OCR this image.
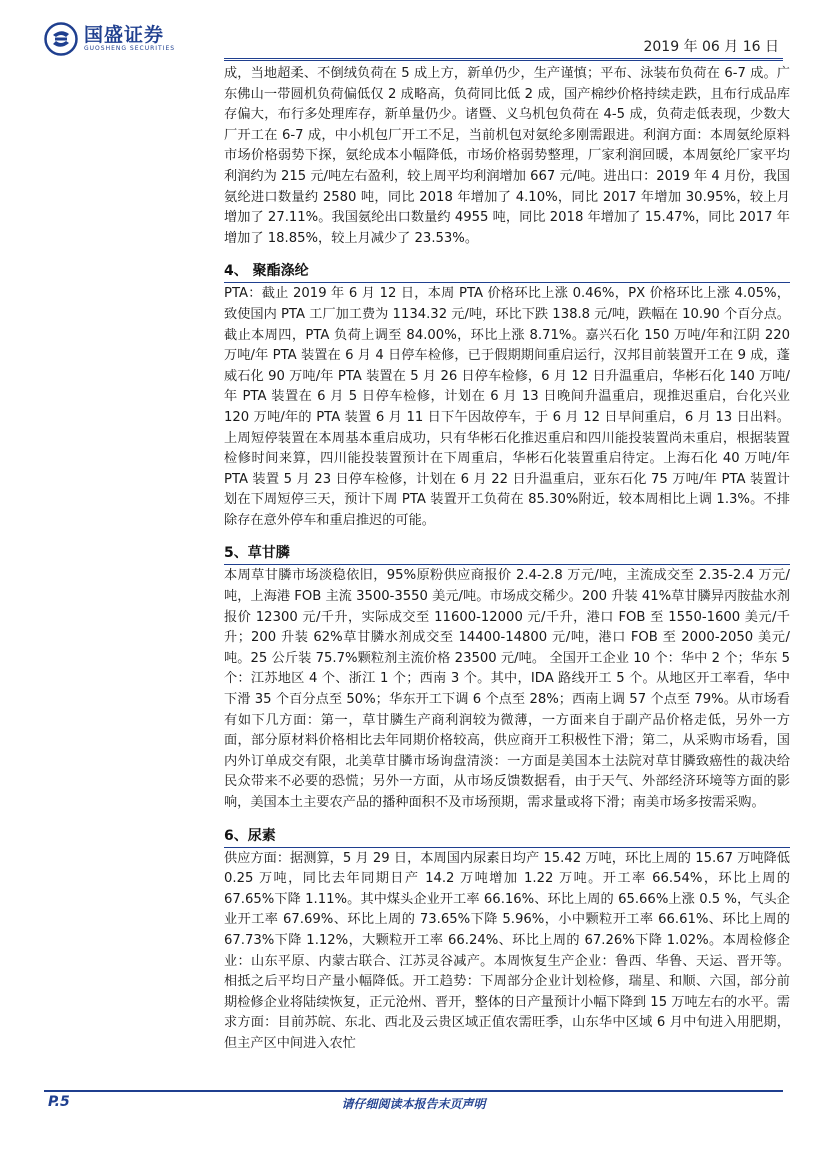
国盛证券
GUOSHENG SECURITIES	2019 年 06 月 16 日

成，当地超柔、不倒绒负荷在 5 成上方，新单仍少，生产谨慎；平布、泳装布负荷在 6-7 成。广东佛山一带圆机负荷偏低仅 2 成略高，负荷同比低 2 成，国产棉纱价格持续走跌，且布行成品库存偏大，布行多处理库存，新单量仍少。诸暨、义乌机包负荷在 4-5 成，负荷走低表现，少数大厂开工在 6-7 成，中小机包厂开工不足，当前机包对氨纶多刚需跟进。利润方面：本周氨纶原料市场价格弱势下探，氨纶成本小幅降低，市场价格弱势整理，厂家利润回暖，本周氨纶厂家平均利润约为 215 元/吨左右盈利，较上周平均利润增加 667 元/吨。进出口：2019 年 4 月份，我国氨纶进口数量约 2580 吨，同比 2018 年增加了 4.10%，同比 2017 年增加 30.95%，较上月增加了 27.11%。我国氨纶出口数量约 4955 吨，同比 2018 年增加了 15.47%，同比 2017 年增加了 18.85%，较上月减少了 23.53%。

4、 聚酯涤纶

PTA：截止 2019 年 6 月 12 日，本周 PTA 价格环比上涨 0.46%，PX 价格环比上涨 4.05%，致使国内 PTA 工厂加工费为 1134.32 元/吨，环比下跌 138.8 元/吨，跌幅在 10.90 个百分点。截止本周四，PTA 负荷上调至 84.00%，环比上涨 8.71%。嘉兴石化 150 万吨/年和江阴 220 万吨/年 PTA 装置在 6 月 4 日停车检修，已于假期期间重启运行，汉邦目前装置开工在 9 成，蓬威石化 90 万吨/年 PTA 装置在 5 月 26 日停车检修，6 月 12 日升温重启，华彬石化 140 万吨/年 PTA 装置在 6 月 5 日停车检修，计划在 6 月 13 日晚间升温重启，现推迟重启，台化兴业 120 万吨/年的 PTA 装置 6 月 11 日下午因故停车，于 6 月 12 日早间重启，6 月 13 日出料。上周短停装置在本周基本重启成功，只有华彬石化推迟重启和四川能投装置尚未重启，根据装置检修时间来算，四川能投装置预计在下周重启，华彬石化装置重启待定。上海石化 40 万吨/年 PTA 装置 5 月 23 日停车检修，计划在 6 月 22 日升温重启，亚东石化 75 万吨/年 PTA 装置计划在下周短停三天，预计下周 PTA 装置开工负荷在 85.30%附近，较本周相比上调 1.3%。不排除存在意外停车和重启推迟的可能。

5、草甘膦

本周草甘膦市场淡稳依旧，95%原粉供应商报价 2.4-2.8 万元/吨，主流成交至 2.35-2.4 万元/吨，上海港 FOB 主流 3500-3550 美元/吨。市场成交稀少。200 升装 41%草甘膦异丙胺盐水剂报价 12300 元/千升，实际成交至 11600-12000 元/千升，港口 FOB 至 1550-1600 美元/千升；200 升装 62%草甘膦水剂成交至 14400-14800 元/吨，港口 FOB 至 2000-2050 美元/吨。25 公斤装 75.7%颗粒剂主流价格 23500 元/吨。 全国开工企业 10 个：华中 2 个；华东 5 个：江苏地区 4 个、浙江 1 个；西南 3 个。其中，IDA 路线开工 5 个。从地区开工率看，华中下滑 35 个百分点至 50%；华东开工下调 6 个点至 28%；西南上调 57 个点至 79%。从市场看有如下几方面：第一，草甘膦生产商利润较为微薄，一方面来自于副产品价格走低，另外一方面，部分原材料价格相比去年同期价格较高，供应商开工积极性下滑；第二，从采购市场看，国内外订单成交有限，北美草甘膦市场询盘清淡：一方面是美国本土法院对草甘膦致癌性的裁决给民众带来不必要的恐慌；另外一方面，从市场反馈数据看，由于天气、外部经济环境等方面的影响，美国本土主要农产品的播种面积不及市场预期，需求量或将下滑；南美市场多按需采购。

6、尿素

供应方面：据测算，5 月 29 日，本周国内尿素日均产 15.42 万吨，环比上周的 15.67 万吨降低 0.25 万吨，同比去年同期日产 14.2 万吨增加 1.22 万吨。开工率 66.54%，环比上周的 67.65%下降 1.11%。其中煤头企业开工率 66.16%、环比上周的 65.66%上涨 0.5 %，气头企业开工率 67.69%、环比上周的 73.65%下降 5.96%，小中颗粒开工率 66.61%、环比上周的 67.73%下降 1.12%，大颗粒开工率 66.24%、环比上周的 67.26%下降 1.02%。本周检修企业：山东平原、内蒙古联合、江苏灵谷减产。本周恢复生产企业：鲁西、华鲁、天运、晋开等。相抵之后平均日产量小幅降低。开工趋势：下周部分企业计划检修，瑞星、和顺、六国，部分前期检修企业将陆续恢复，正元沧州、晋开，整体的日产量预计小幅下降到 15 万吨左右的水平。需求方面：目前苏皖、东北、西北及云贵区域正值农需旺季，山东华中区域 6 月中旬进入用肥期，但主产区中间进入农忙

P.5	请仔细阅读本报告末页声明
